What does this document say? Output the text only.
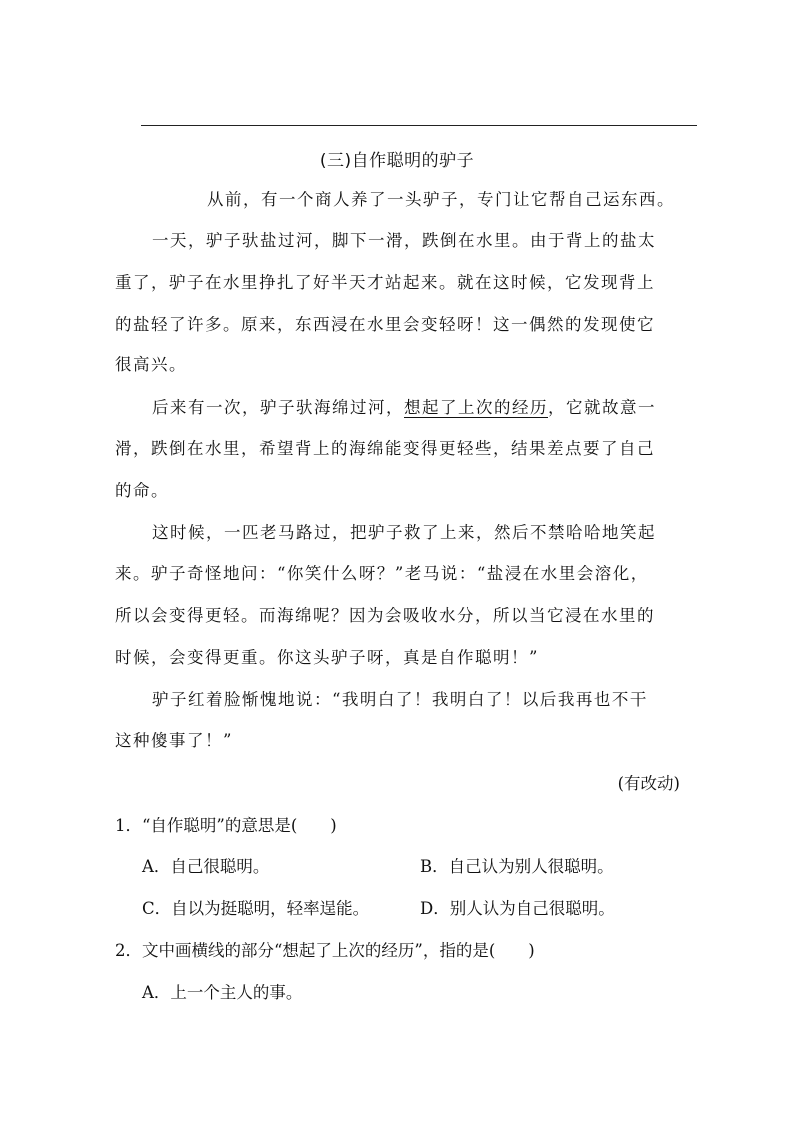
(三)自作聪明的驴子
从前，有一个商人养了一头驴子，专门让它帮自己运东西。
一天，驴子驮盐过河，脚下一滑，跌倒在水里。由于背上的盐太
重了，驴子在水里挣扎了好半天才站起来。就在这时候，它发现背上
的盐轻了许多。原来，东西浸在水里会变轻呀！这一偶然的发现使它
很高兴。
后来有一次，驴子驮海绵过河，想起了上次的经历，它就故意一
滑，跌倒在水里，希望背上的海绵能变得更轻些，结果差点要了自己
的命。
这时候，一匹老马路过，把驴子救了上来，然后不禁哈哈地笑起
来。驴子奇怪地问：“你笑什么呀？”老马说：“盐浸在水里会溶化，
所以会变得更轻。而海绵呢？因为会吸收水分，所以当它浸在水里的
时候，会变得更重。你这头驴子呀，真是自作聪明！”
驴子红着脸惭愧地说：“我明白了！我明白了！以后我再也不干
这种傻事了！”
(有改动)
1．“自作聪明”的意思是(　　)
A．自己很聪明。	B．自己认为别人很聪明。
C．自以为挺聪明，轻率逞能。	D．别人认为自己很聪明。
2．文中画横线的部分“想起了上次的经历”，指的是(　　)
A．上一个主人的事。
